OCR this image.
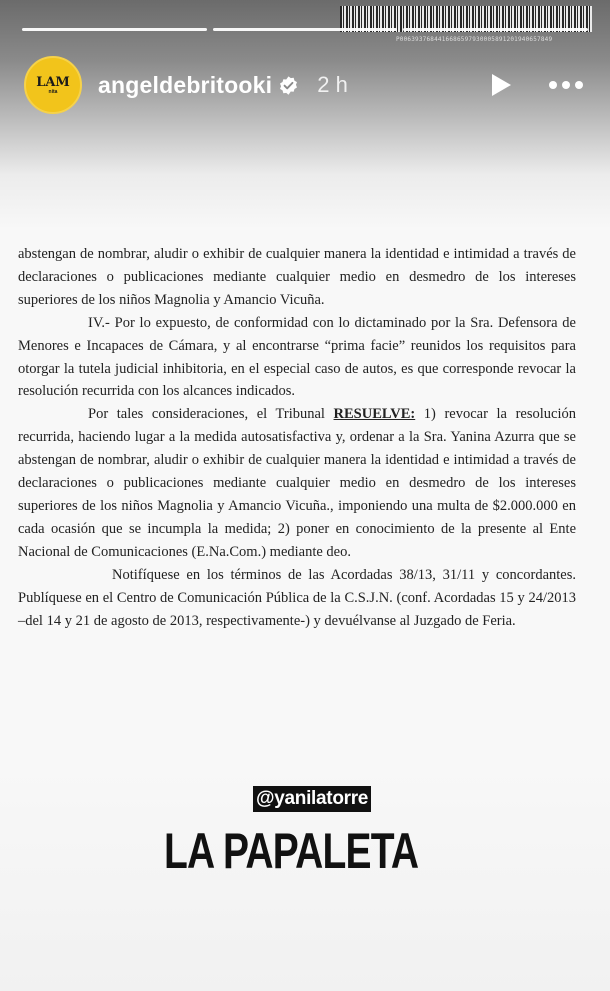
P0063937684416686597930005891201940657849
LAM
nita angeldebritooki 2 h

abstengan de nombrar, aludir o exhibir de cualquier manera la identidad e intimidad a través de declaraciones o publicaciones mediante cualquier medio en desmedro de los intereses superiores de los niños Magnolia y Amancio Vicuña.

IV.- Por lo expuesto, de conformidad con lo dictaminado por la Sra. Defensora de Menores e Incapaces de Cámara, y al encontrarse “prima facie” reunidos los requisitos para otorgar la tutela judicial inhibitoria, en el especial caso de autos, es que corresponde revocar la resolución recurrida con los alcances indicados.

Por tales consideraciones, el Tribunal RESUELVE: 1) revocar la resolución recurrida, haciendo lugar a la medida autosatisfactiva y, ordenar a la Sra. Yanina Azurra que se abstengan de nombrar, aludir o exhibir de cualquier manera la identidad e intimidad a través de declaraciones o publicaciones mediante cualquier medio en desmedro de los intereses superiores de los niños Magnolia y Amancio Vicuña., imponiendo una multa de $2.000.000 en cada ocasión que se incumpla la medida; 2) poner en conocimiento de la presente al Ente Nacional de Comunicaciones (E.Na.Com.) mediante deo.

Notifíquese en los términos de las Acordadas 38/13, 31/11 y concordantes. Publíquese en el Centro de Comunicación Pública de la C.S.J.N. (conf. Acordadas 15 y 24/2013 –del 14 y 21 de agosto de 2013, respectivamente-) y devuélvanse al Juzgado de Feria.

@yanilatorre
LA PAPALETA
